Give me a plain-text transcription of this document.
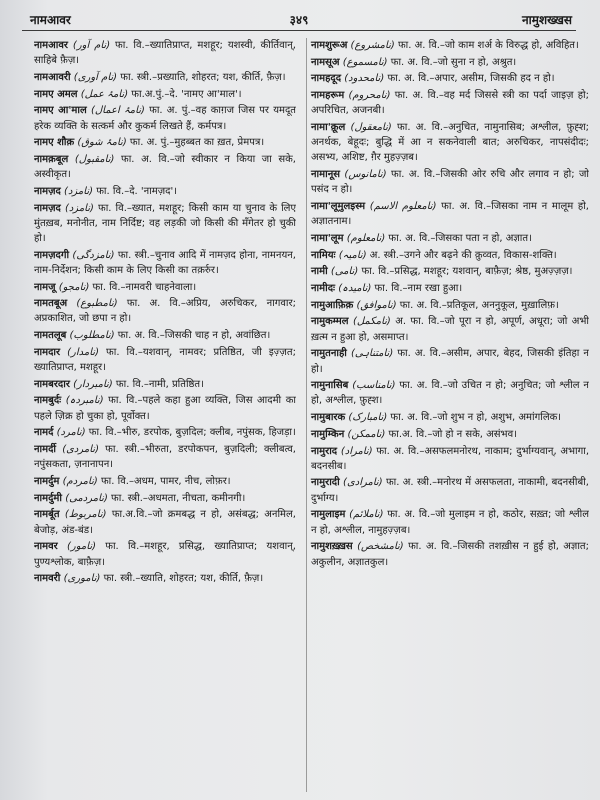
नामआवर	३४९	नामुशख्खस
नामआवर (نام آور) फा. वि.–ख्यातिप्राप्त, मशहूर; यशस्वी, कीर्तिवान्, साहिबे फ़ैज़।
नामआवरी (نام آوری) फा. स्त्री.–प्रख्याति, शोहरत; यश, कीर्ति, फ़ैज़।
नामए अमल (نامۂ عمل) फा.अ.पुं.–दे. 'नामए आ'माल'।
नामए आ'माल (نامۂ اعمال) फा. अ. पुं.–वह काग़ज जिस पर यमदूत हरेक व्यक्ति के सत्कर्म और कुकर्म लिखते हैं, कर्मपत्र।
नामए शौक़ (نامۂ شوق) फा. अ. पुं.–मुहब्बत का ख़त, प्रेमपत्र।
नामक़बूल (نامقبول) फा. अ. वि.–जो स्वीकार न किया जा सके, अस्वीकृत।
नामज़द (نامزد) फा. वि.–दे. 'नामज़द'।
नामज़द (نامزد) फा. वि.–ख्यात, मशहूर; किसी काम या चुनाव के लिए मुंतख़ब, मनोनीत, नाम निर्दिष्ट; वह लड़की जो किसी की मँगेतर हो चुकी हो।
नामज़दगी (نامزدگی) फा. स्त्री.–चुनाव आदि में नामज़द होना, नामनयन, नाम-निर्देशन; किसी काम के लिए किसी का तक़र्रुर।
नामजू (نامجو) फा. वि.–नामवरी चाहनेवाला।
नामतबूअ (نامطبوع) फा. अ. वि.–अप्रिय, अरुचिकर, नागवार; अप्रकाशित, जो छपा न हो।
नामतलूब (نامطلوب) फा. अ. वि.–जिसकी चाह न हो, अवांछित।
नामदार (نامدار) फा. वि.–यशवान्, नामवर; प्रतिष्ठित, जी इज़्ज़त; ख्यातिप्राप्त, मशहूर।
नामबरदार (نامبردار) फा. वि.–नामी, प्रतिष्ठित।
नामबुर्दः (نامبردہ) फा. वि.–पहले कहा हुआ व्यक्ति, जिस आदमी का पहले ज़िक्र हो चुका हो, पूर्वोक्त।
नामर्द (نامرد) फा. वि.–भीरु, डरपोक, बुज़दिल; क्लीब, नपुंसक, हिजड़ा।
नामर्दी (نامردی) फा. स्त्री.–भीरुता, डरपोकपन, बुज़दिली; क्लीबत्व, नपुंसकता, ज़नानापन।
नामर्दुम (نامردم) फा. वि.–अधम, पामर, नीच, लोफ़र।
नामर्दुमी (نامردمی) फा. स्त्री.–अधमता, नीचता, कमीनगी।
नामर्बूत (نامربوط) फा.अ.वि.–जो क्रमबद्ध न हो, असंबद्ध; अनमिल, बेजोड़, अंड-बंड।
नामवर (نامور) फा. वि.–मशहूर, प्रसिद्ध, ख्यातिप्राप्त; यशवान्, पुण्यश्लोक, बाफ़ैज़।
नामवरी (ناموری) फा. स्त्री.–ख्याति, शोहरत; यश, कीर्ति, फ़ैज़।
नामशुरूअ (نامشروع) फा. अ. वि.–जो काम शर्अ के विरुद्ध हो, अविहित।
नामसूअ (نامسموع) फा. अ. वि.–जो सुना न हो, अश्रुत।
नामहदूद (نامحدود) फा. अ. वि.–अपार, असीम, जिसकी हद न हो।
नामहरूम (نامحروم) फा. अ. वि.–वह मर्द जिससे स्त्री का पर्दा जाइज़ हो; अपरिचित, अजनबी।
नामा'क़ूल (نامعقول) फा. अ. वि.–अनुचित, नामुनासिब; अश्लील, फ़ुह्श; अनर्थक, बेहूदः; बुद्धि में आ न सकनेवाली बात; अरुचिकर, नापसंदीदः; असभ्य, अशिष्ट, ग़ैर मुहज़्ज़ब।
नामानूस (نامانوس) फा. अ. वि.–जिसकी ओर रुचि और लगाव न हो; जो पसंद न हो।
नामा'लूमुलइस्म (نامعلوم الاسم) फा. अ. वि.–जिसका नाम न मालूम हो, अज्ञातनाम।
नामा'लूम (نامعلوم) फा. अ. वि.–जिसका पता न हो, अज्ञात।
नामियः (نامیہ) अ. स्त्री.–उगने और बढ़ने की क़ुव्वत, विकास-शक्ति।
नामी (نامی) फा. वि.–प्रसिद्ध, मशहूर; यशवान्, बाफ़ैज़; श्रेष्ठ, मुअज़्ज़ज़।
नामीदः (نامیدہ) फा. वि.–नाम रखा हुआ।
नामुआफ़िक़ (ناموافق) फा. अ. वि.–प्रतिकूल, अननुकूल, मुख़ालिफ़।
नामुकम्मल (نامکمل) अ. फा. वि.–जो पूरा न हो, अपूर्ण, अधूरा; जो अभी ख़त्म न हुआ हो, असमाप्त।
नामुतनाही (نامتناہی) फा. अ. वि.–असीम, अपार, बेहद, जिसकी इंतिहा न हो।
नामुनासिब (نامناسب) फा. अ. वि.–जो उचित न हो; अनुचित; जो श्लील न हो, अश्लील, फ़ुह्श।
नामुबारक (نامبارک) फा. अ. वि.–जो शुभ न हो, अशुभ, अमांगलिक।
नामुम्किन (ناممکن) फा.अ. वि.–जो हो न सके, असंभव।
नामुराद (نامراد) फा. अ. वि.–असफलमनोरथ, नाकाम; दुर्भाग्यवान्, अभागा, बदनसीब।
नामुरादी (نامرادی) फा. अ. स्त्री.–मनोरथ में असफलता, नाकामी, बदनसीबी, दुर्भाग्य।
नामुलाइम (ناملائم) फा. अ. वि.–जो मुलाइम न हो, कठोर, सख़्त; जो श्लील न हो, अश्लील, नामुहज़्ज़ब।
नामुशख़्ख़स (نامشخص) फा. अ. वि.–जिसकी तशख़ीस न हुई हो, अज्ञात; अकुलीन, अज्ञातकुल।
